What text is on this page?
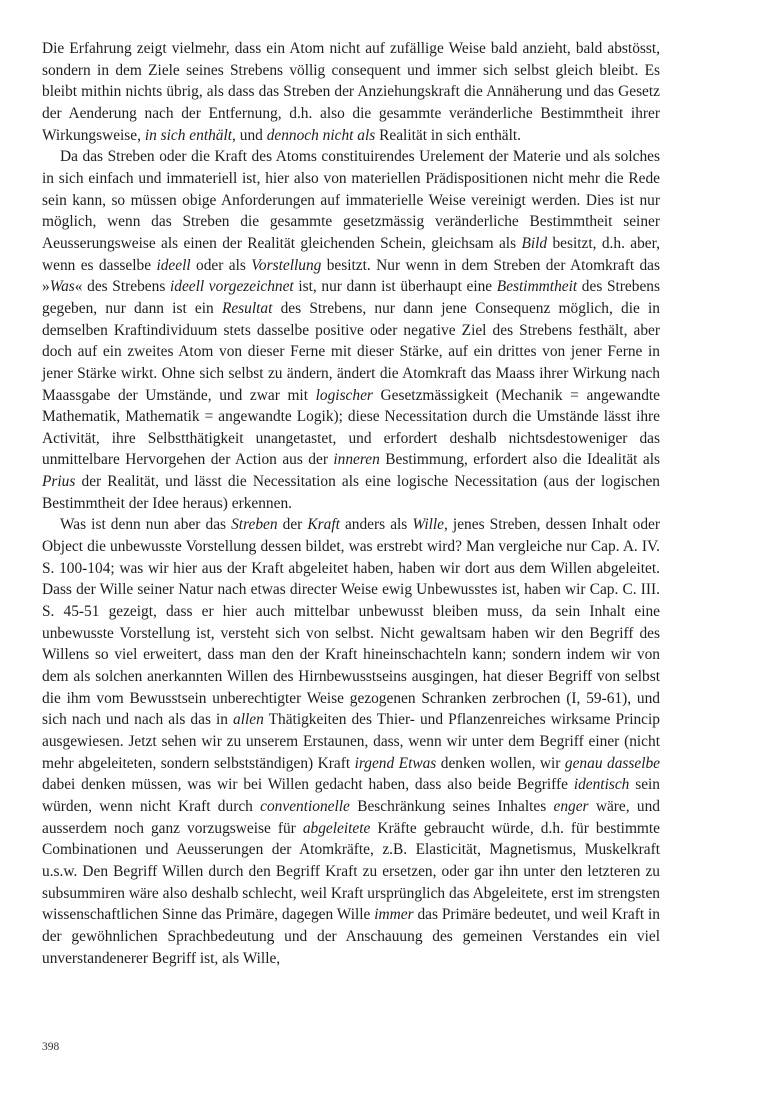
Die Erfahrung zeigt vielmehr, dass ein Atom nicht auf zufällige Weise bald anzieht, bald abstösst, sondern in dem Ziele seines Strebens völlig consequent und immer sich selbst gleich bleibt. Es bleibt mithin nichts übrig, als dass das Streben der Anziehungskraft die Annäherung und das Gesetz der Aenderung nach der Entfernung, d.h. also die gesammte veränderliche Bestimmtheit ihrer Wirkungsweise, in sich enthält, und dennoch nicht als Realität in sich enthält.

Da das Streben oder die Kraft des Atoms constituirendes Urelement der Materie und als solches in sich einfach und immateriell ist, hier also von materiellen Prädispositionen nicht mehr die Rede sein kann, so müssen obige Anforderungen auf immaterielle Weise vereinigt werden. Dies ist nur möglich, wenn das Streben die gesammte gesetzmässig veränderliche Bestimmtheit seiner Aeusserungsweise als einen der Realität gleichenden Schein, gleichsam als Bild besitzt, d.h. aber, wenn es dasselbe ideell oder als Vorstellung besitzt. Nur wenn in dem Streben der Atomkraft das »Was« des Strebens ideell vorgezeichnet ist, nur dann ist überhaupt eine Bestimmtheit des Strebens gegeben, nur dann ist ein Resultat des Strebens, nur dann jene Consequenz möglich, die in demselben Kraftindividuum stets dasselbe positive oder negative Ziel des Strebens festhält, aber doch auf ein zweites Atom von dieser Ferne mit dieser Stärke, auf ein drittes von jener Ferne in jener Stärke wirkt. Ohne sich selbst zu ändern, ändert die Atomkraft das Maass ihrer Wirkung nach Maassgabe der Umstände, und zwar mit logischer Gesetzmässigkeit (Mechanik = angewandte Mathematik, Mathematik = angewandte Logik); diese Necessitation durch die Umstände lässt ihre Activität, ihre Selbstthätigkeit unangetastet, und erfordert deshalb nichtsdestoweniger das unmittelbare Hervorgehen der Action aus der inneren Bestimmung, erfordert also die Idealität als Prius der Realität, und lässt die Necessitation als eine logische Necessitation (aus der logischen Bestimmtheit der Idee heraus) erkennen.

Was ist denn nun aber das Streben der Kraft anders als Wille, jenes Streben, dessen Inhalt oder Object die unbewusste Vorstellung dessen bildet, was erstrebt wird? Man vergleiche nur Cap. A. IV. S. 100-104; was wir hier aus der Kraft abgeleitet haben, haben wir dort aus dem Willen abgeleitet. Dass der Wille seiner Natur nach etwas directer Weise ewig Unbewusstes ist, haben wir Cap. C. III. S. 45-51 gezeigt, dass er hier auch mittelbar unbewusst bleiben muss, da sein Inhalt eine unbewusste Vorstellung ist, versteht sich von selbst. Nicht gewaltsam haben wir den Begriff des Willens so viel erweitert, dass man den der Kraft hineinschachteln kann; sondern indem wir von dem als solchen anerkannten Willen des Hirnbewusstseins ausgingen, hat dieser Begriff von selbst die ihm vom Bewusstsein unberechtigter Weise gezogenen Schranken zerbrochen (I, 59-61), und sich nach und nach als das in allen Thätigkeiten des Thier- und Pflanzenreiches wirksame Princip ausgewiesen. Jetzt sehen wir zu unserem Erstaunen, dass, wenn wir unter dem Begriff einer (nicht mehr abgeleiteten, sondern selbstständigen) Kraft irgend Etwas denken wollen, wir genau dasselbe dabei denken müssen, was wir bei Willen gedacht haben, dass also beide Begriffe identisch sein würden, wenn nicht Kraft durch conventionelle Beschränkung seines Inhaltes enger wäre, und ausserdem noch ganz vorzugsweise für abgeleitete Kräfte gebraucht würde, d.h. für bestimmte Combinationen und Aeusserungen der Atomkräfte, z.B. Elasticität, Magnetismus, Muskelkraft u.s.w. Den Begriff Willen durch den Begriff Kraft zu ersetzen, oder gar ihn unter den letzteren zu subsummiren wäre also deshalb schlecht, weil Kraft ursprünglich das Abgeleitete, erst im strengsten wissenschaftlichen Sinne das Primäre, dagegen Wille immer das Primäre bedeutet, und weil Kraft in der gewöhnlichen Sprachbedeutung und der Anschauung des gemeinen Verstandes ein viel unverstandenerer Begriff ist, als Wille,

398
